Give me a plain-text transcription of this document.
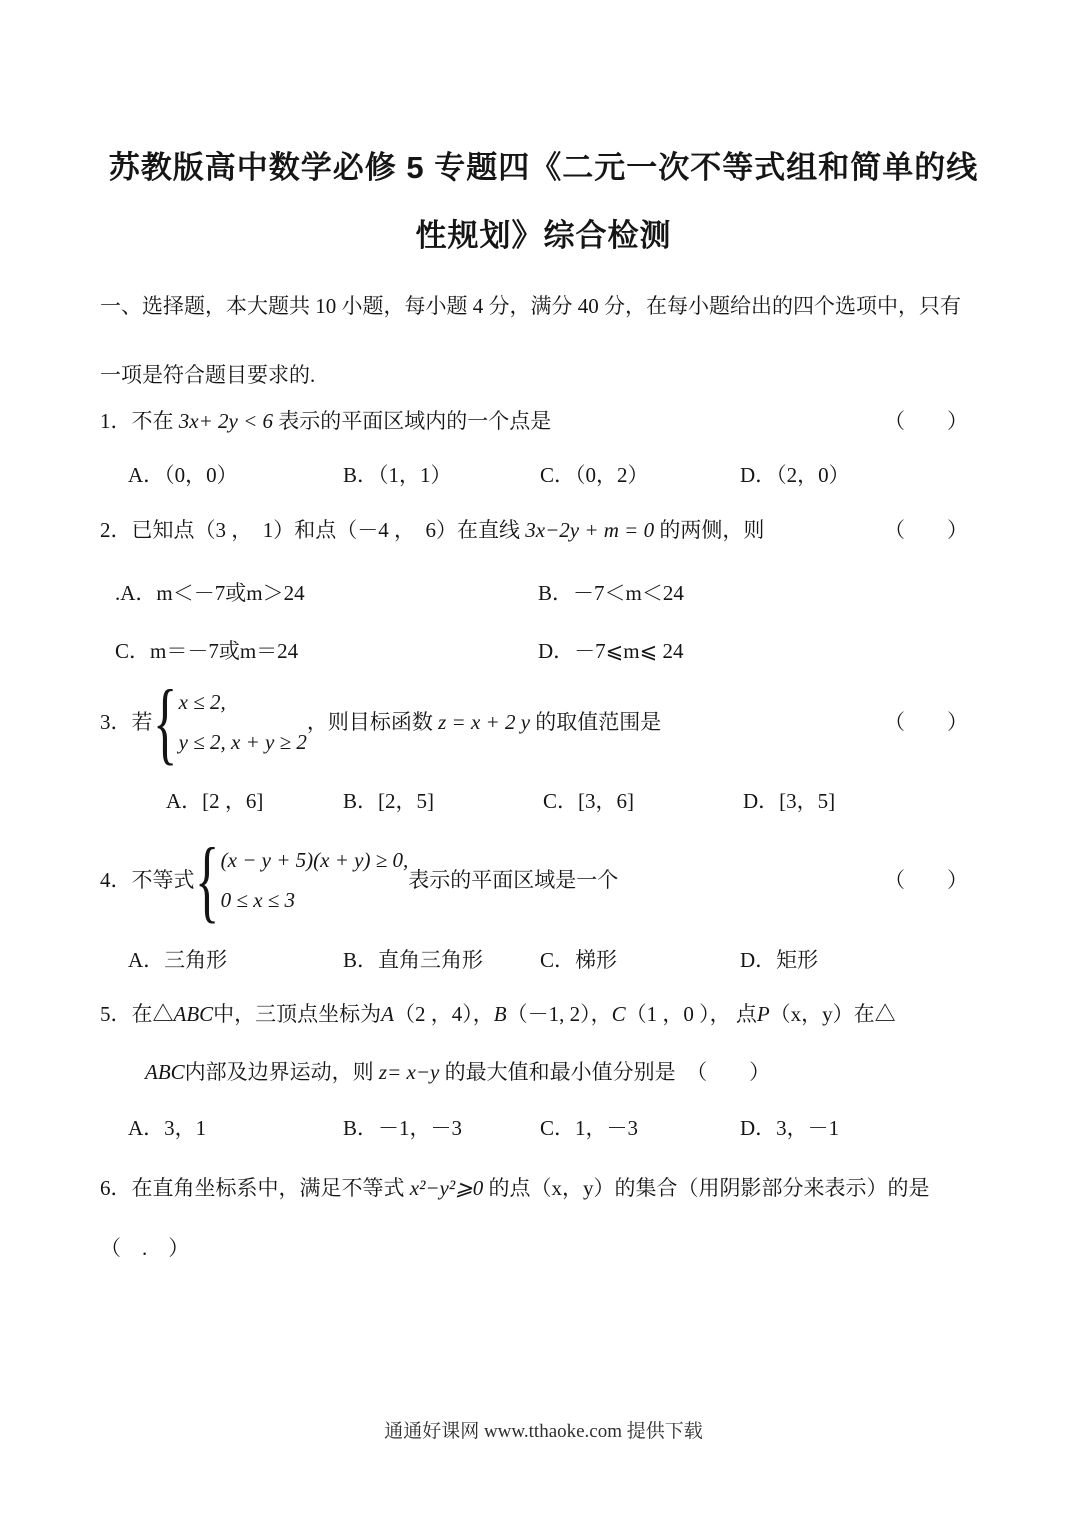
苏教版高中数学必修 5 专题四《二元一次不等式组和简单的线
性规划》综合检测
一、选择题，本大题共 10 小题，每小题 4 分，满分 40 分，在每小题给出的四个选项中，只有
一项是符合题目要求的.
1．不在 3x+ 2y < 6 表示的平面区域内的一个点是	（　　）
A．（0，0）	B．（1，1）	C．（0，2）	D．（2，0）
2．已知点（3 ，　1）和点（－4 ，　6）在直线 3x−2y + m = 0 的两侧，则	（　　）
.A．m＜－7或m＞24	B．－7＜m＜24
C．m＝－7或m＝24	D．－7⩽m⩽ 24
3．若 { x ≤ 2,
y ≤ 2, x + y ≥ 2
，则目标函数 z = x + 2 y 的取值范围是	（　　）
A．[2 ，6]	B．[2，5]	C．[3，6]	D．[3，5]
4．不等式 { (x − y + 5)(x + y) ≥ 0,
0 ≤ x ≤ 3
表示的平面区域是一个	（　　）
A．三角形	B．直角三角形	C．梯形	D．矩形
5．在△ABC中，三顶点坐标为A（2 ，4），B（－1, 2），C（1 ，0 ）， 点P（x，y）在△
ABC内部及边界运动，则 z= x−y 的最大值和最小值分别是　（　　）
A．3，1	B．－1，－3	C．1，－3	D．3，－1
6．在直角坐标系中，满足不等式 x²−y²⩾0 的点（x，y）的集合（用阴影部分来表示）的是
（　.　）
通通好课网 www.tthaoke.com 提供下载
